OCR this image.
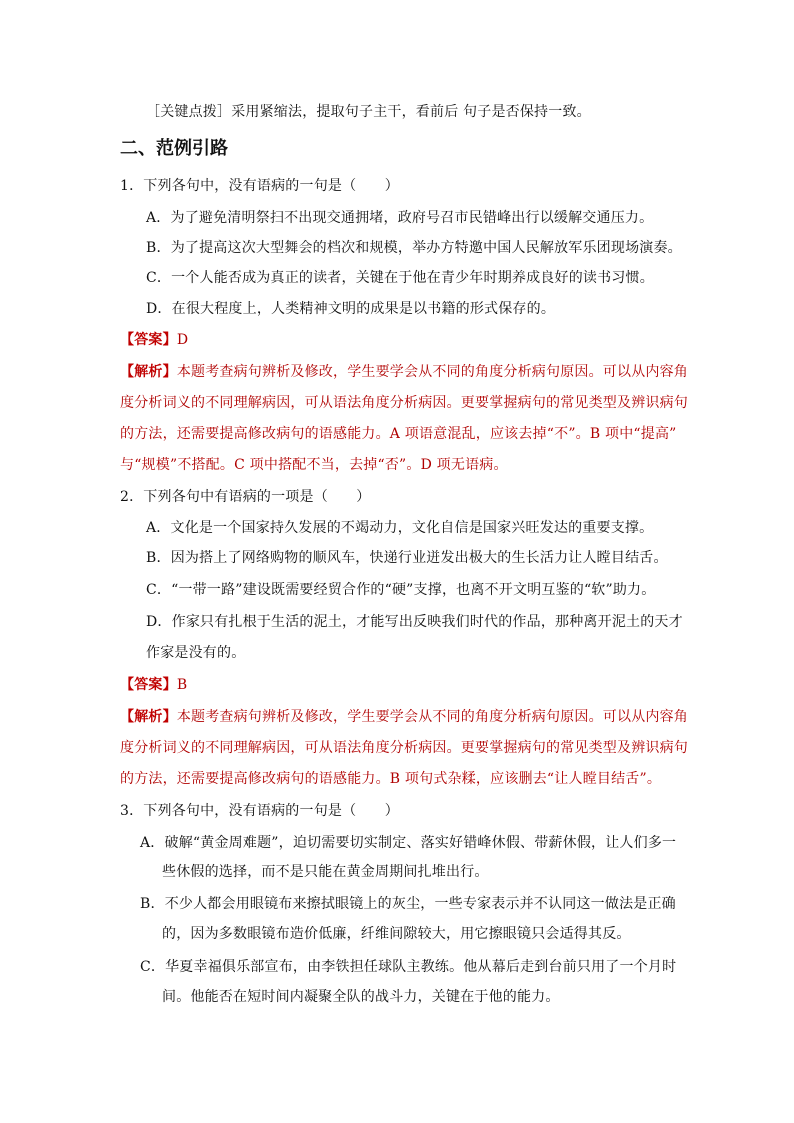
［关键点拨］采用紧缩法，提取句子主干，看前后 句子是否保持一致。
二、范例引路
1．下列各句中，没有语病的一句是（　　）
A．为了避免清明祭扫不出现交通拥堵，政府号召市民错峰出行以缓解交通压力。
B．为了提高这次大型舞会的档次和规模，举办方特邀中国人民解放军乐团现场演奏。
C．一个人能否成为真正的读者，关键在于他在青少年时期养成良好的读书习惯。
D．在很大程度上，人类精神文明的成果是以书籍的形式保存的。
【答案】D
【解析】本题考查病句辨析及修改，学生要学会从不同的角度分析病句原因。可以从内容角
度分析词义的不同理解病因，可从语法角度分析病因。更要掌握病句的常见类型及辨识病句
的方法，还需要提高修改病句的语感能力。A 项语意混乱，应该去掉“不”。B 项中“提高”
与“规模”不搭配。C 项中搭配不当，去掉“否”。D 项无语病。
2．下列各句中有语病的一项是（　　）
A．文化是一个国家持久发展的不竭动力，文化自信是国家兴旺发达的重要支撑。
B．因为搭上了网络购物的顺风车，快递行业迸发出极大的生长活力让人瞠目结舌。
C．“一带一路”建设既需要经贸合作的“硬”支撑，也离不开文明互鉴的“软”助力。
D．作家只有扎根于生活的泥土，才能写出反映我们时代的作品，那种离开泥土的天才
作家是没有的。
【答案】B
【解析】本题考查病句辨析及修改，学生要学会从不同的角度分析病句原因。可以从内容角
度分析词义的不同理解病因，可从语法角度分析病因。更要掌握病句的常见类型及辨识病句
的方法，还需要提高修改病句的语感能力。B 项句式杂糅，应该删去“让人瞠目结舌”。
3．下列各句中，没有语病的一句是（　　）
A．破解“黄金周难题”，迫切需要切实制定、落实好错峰休假、带薪休假，让人们多一
些休假的选择，而不是只能在黄金周期间扎堆出行。
B．不少人都会用眼镜布来擦拭眼镜上的灰尘，一些专家表示并不认同这一做法是正确
的，因为多数眼镜布造价低廉，纤维间隙较大，用它擦眼镜只会适得其反。
C．华夏幸福俱乐部宣布，由李铁担任球队主教练。他从幕后走到台前只用了一个月时
间。他能否在短时间内凝聚全队的战斗力，关键在于他的能力。
